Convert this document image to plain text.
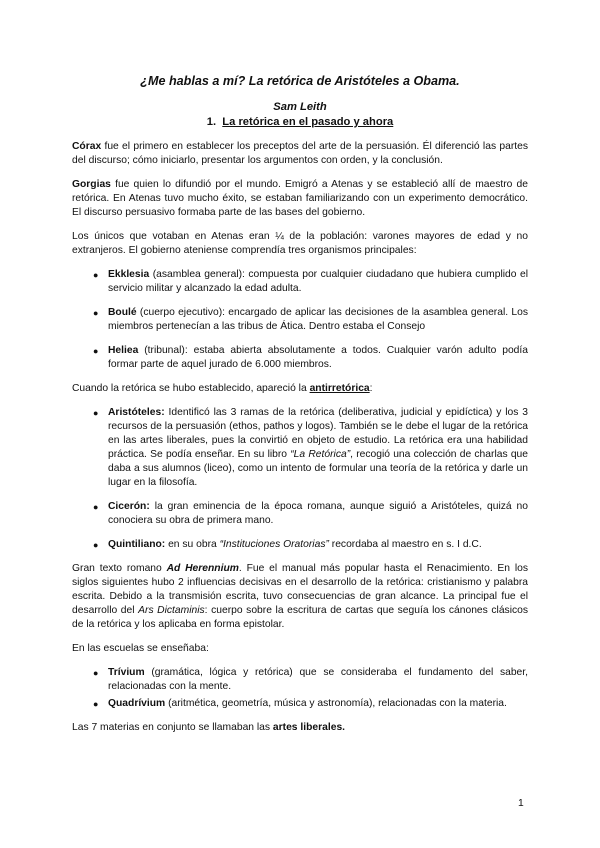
¿Me hablas a mí? La retórica de Aristóteles a Obama.
Sam Leith
1. La retórica en el pasado y ahora

Córax fue el primero en establecer los preceptos del arte de la persuasión. Él diferenció las partes del discurso; cómo iniciarlo, presentar los argumentos con orden, y la conclusión.

Gorgias fue quien lo difundió por el mundo. Emigró a Atenas y se estableció allí de maestro de retórica. En Atenas tuvo mucho éxito, se estaban familiarizando con un experimento democrático. El discurso persuasivo formaba parte de las bases del gobierno.

Los únicos que votaban en Atenas eran ¼ de la población: varones mayores de edad y no extranjeros. El gobierno ateniense comprendía tres organismos principales:

● Ekklesia (asamblea general): compuesta por cualquier ciudadano que hubiera cumplido el servicio militar y alcanzado la edad adulta.
● Boulé (cuerpo ejecutivo): encargado de aplicar las decisiones de la asamblea general. Los miembros pertenecían a las tribus de Ática. Dentro estaba el Consejo
● Heliea (tribunal): estaba abierta absolutamente a todos. Cualquier varón adulto podía formar parte de aquel jurado de 6.000 miembros.

Cuando la retórica se hubo establecido, apareció la antirretórica:

● Aristóteles: Identificó las 3 ramas de la retórica (deliberativa, judicial y epidíctica) y los 3 recursos de la persuasión (ethos, pathos y logos). También se le debe el lugar de la retórica en las artes liberales, pues la convirtió en objeto de estudio. La retórica era una habilidad práctica. Se podía enseñar. En su libro “La Retórica”, recogió una colección de charlas que daba a sus alumnos (liceo), como un intento de formular una teoría de la retórica y darle un lugar en la filosofía.
● Cicerón: la gran eminencia de la época romana, aunque siguió a Aristóteles, quizá no conociera su obra de primera mano.
● Quintiliano: en su obra “Instituciones Oratorias” recordaba al maestro en s. I d.C.

Gran texto romano Ad Herennium. Fue el manual más popular hasta el Renacimiento. En los siglos siguientes hubo 2 influencias decisivas en el desarrollo de la retórica: cristianismo y palabra escrita. Debido a la transmisión escrita, tuvo consecuencias de gran alcance. La principal fue el desarrollo del Ars Dictaminis: cuerpo sobre la escritura de cartas que seguía los cánones clásicos de la retórica y los aplicaba en forma epistolar.

En las escuelas se enseñaba:

● Trívium (gramática, lógica y retórica) que se consideraba el fundamento del saber, relacionadas con la mente.
● Quadrívium (aritmética, geometría, música y astronomía), relacionadas con la materia.

Las 7 materias en conjunto se llamaban las artes liberales.

1
